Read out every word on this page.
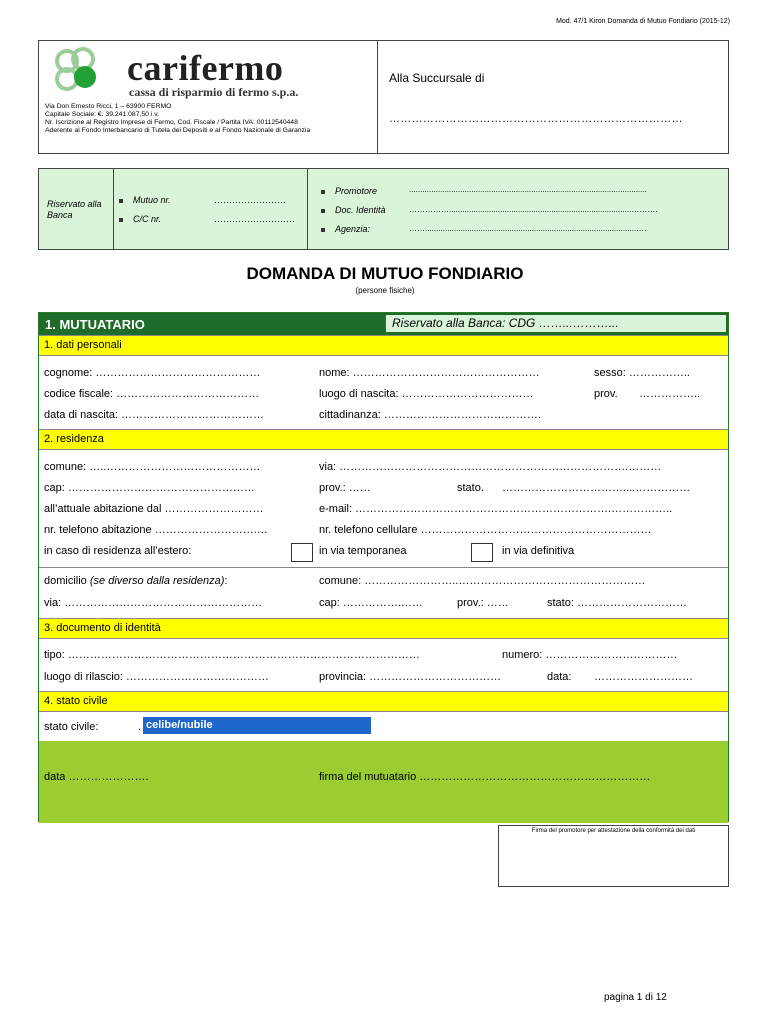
Mod. 47/1 Kiron Domanda di Mutuo Fondiario (2015-12)
carifermo
cassa di risparmio di fermo s.p.a.
Via Don Ernesto Ricci, 1 – 63900 FERMO
Capitale Sociale: €. 39.241.087,50 i.v.
Nr. Iscrizione al Registro Imprese di Fermo, Cod. Fiscale / Partita IVA: 00112540448
Aderente al Fondo Interbancario di Tutela dei Depositi e al Fondo Nazionale di Garanzia
Alla Succursale di
……………………………………………………………………
Riservato alla
Banca
Mutuo nr.	……………………
C/C nr.	………………………
Promotore	...........................................................................................................
Doc. Identità	……………..................................................................................……….
Agenzia:	……...............................................................................................….
DOMANDA DI MUTUO FONDIARIO
(persone fisiche)
1. MUTUATARIO	Riservato alla Banca: CDG ……...………...
1. dati personali
cognome: ………………………………………	nome: ……………………………………………	sesso: ……………..
codice fiscale: …………………………………	luogo di nascita: ………………………………	prov. ……………..
data di nascita: …………………………………	cittadinanza: …………………………………….
2. residenza
comune: …..……………………………………	via: …………………………………………………………………….………
cap: ……………………………………………	prov.: ……	stato. ……………………………....……………
all’attuale abitazione dal ………………………	e-mail: …………………………………………………………….……………..
nr. telefono abitazione ……………………….…	nr. telefono cellulare ………………………………………………………
in caso di residenza all’estero:	in via temporanea	in via definitiva
domicilio (se diverso dalla residenza):	comune: ……………………..……………………………………………
via: ………………………………………………	cap: …………….……	prov.: ……	stato: …………………………
3. documento di identità
tipo: ……………………………………………………………………………………	numero: ………………………………
luogo di rilascio: …………………………………	provincia: ………………………………	data: ………………………
4. stato civile
stato civile:	. celibe/nubile
data ………………….	firma del mutuatario ………………………………………………………
Firma del promotore per attestazione della conformità dei dati
pagina 1 di 12
